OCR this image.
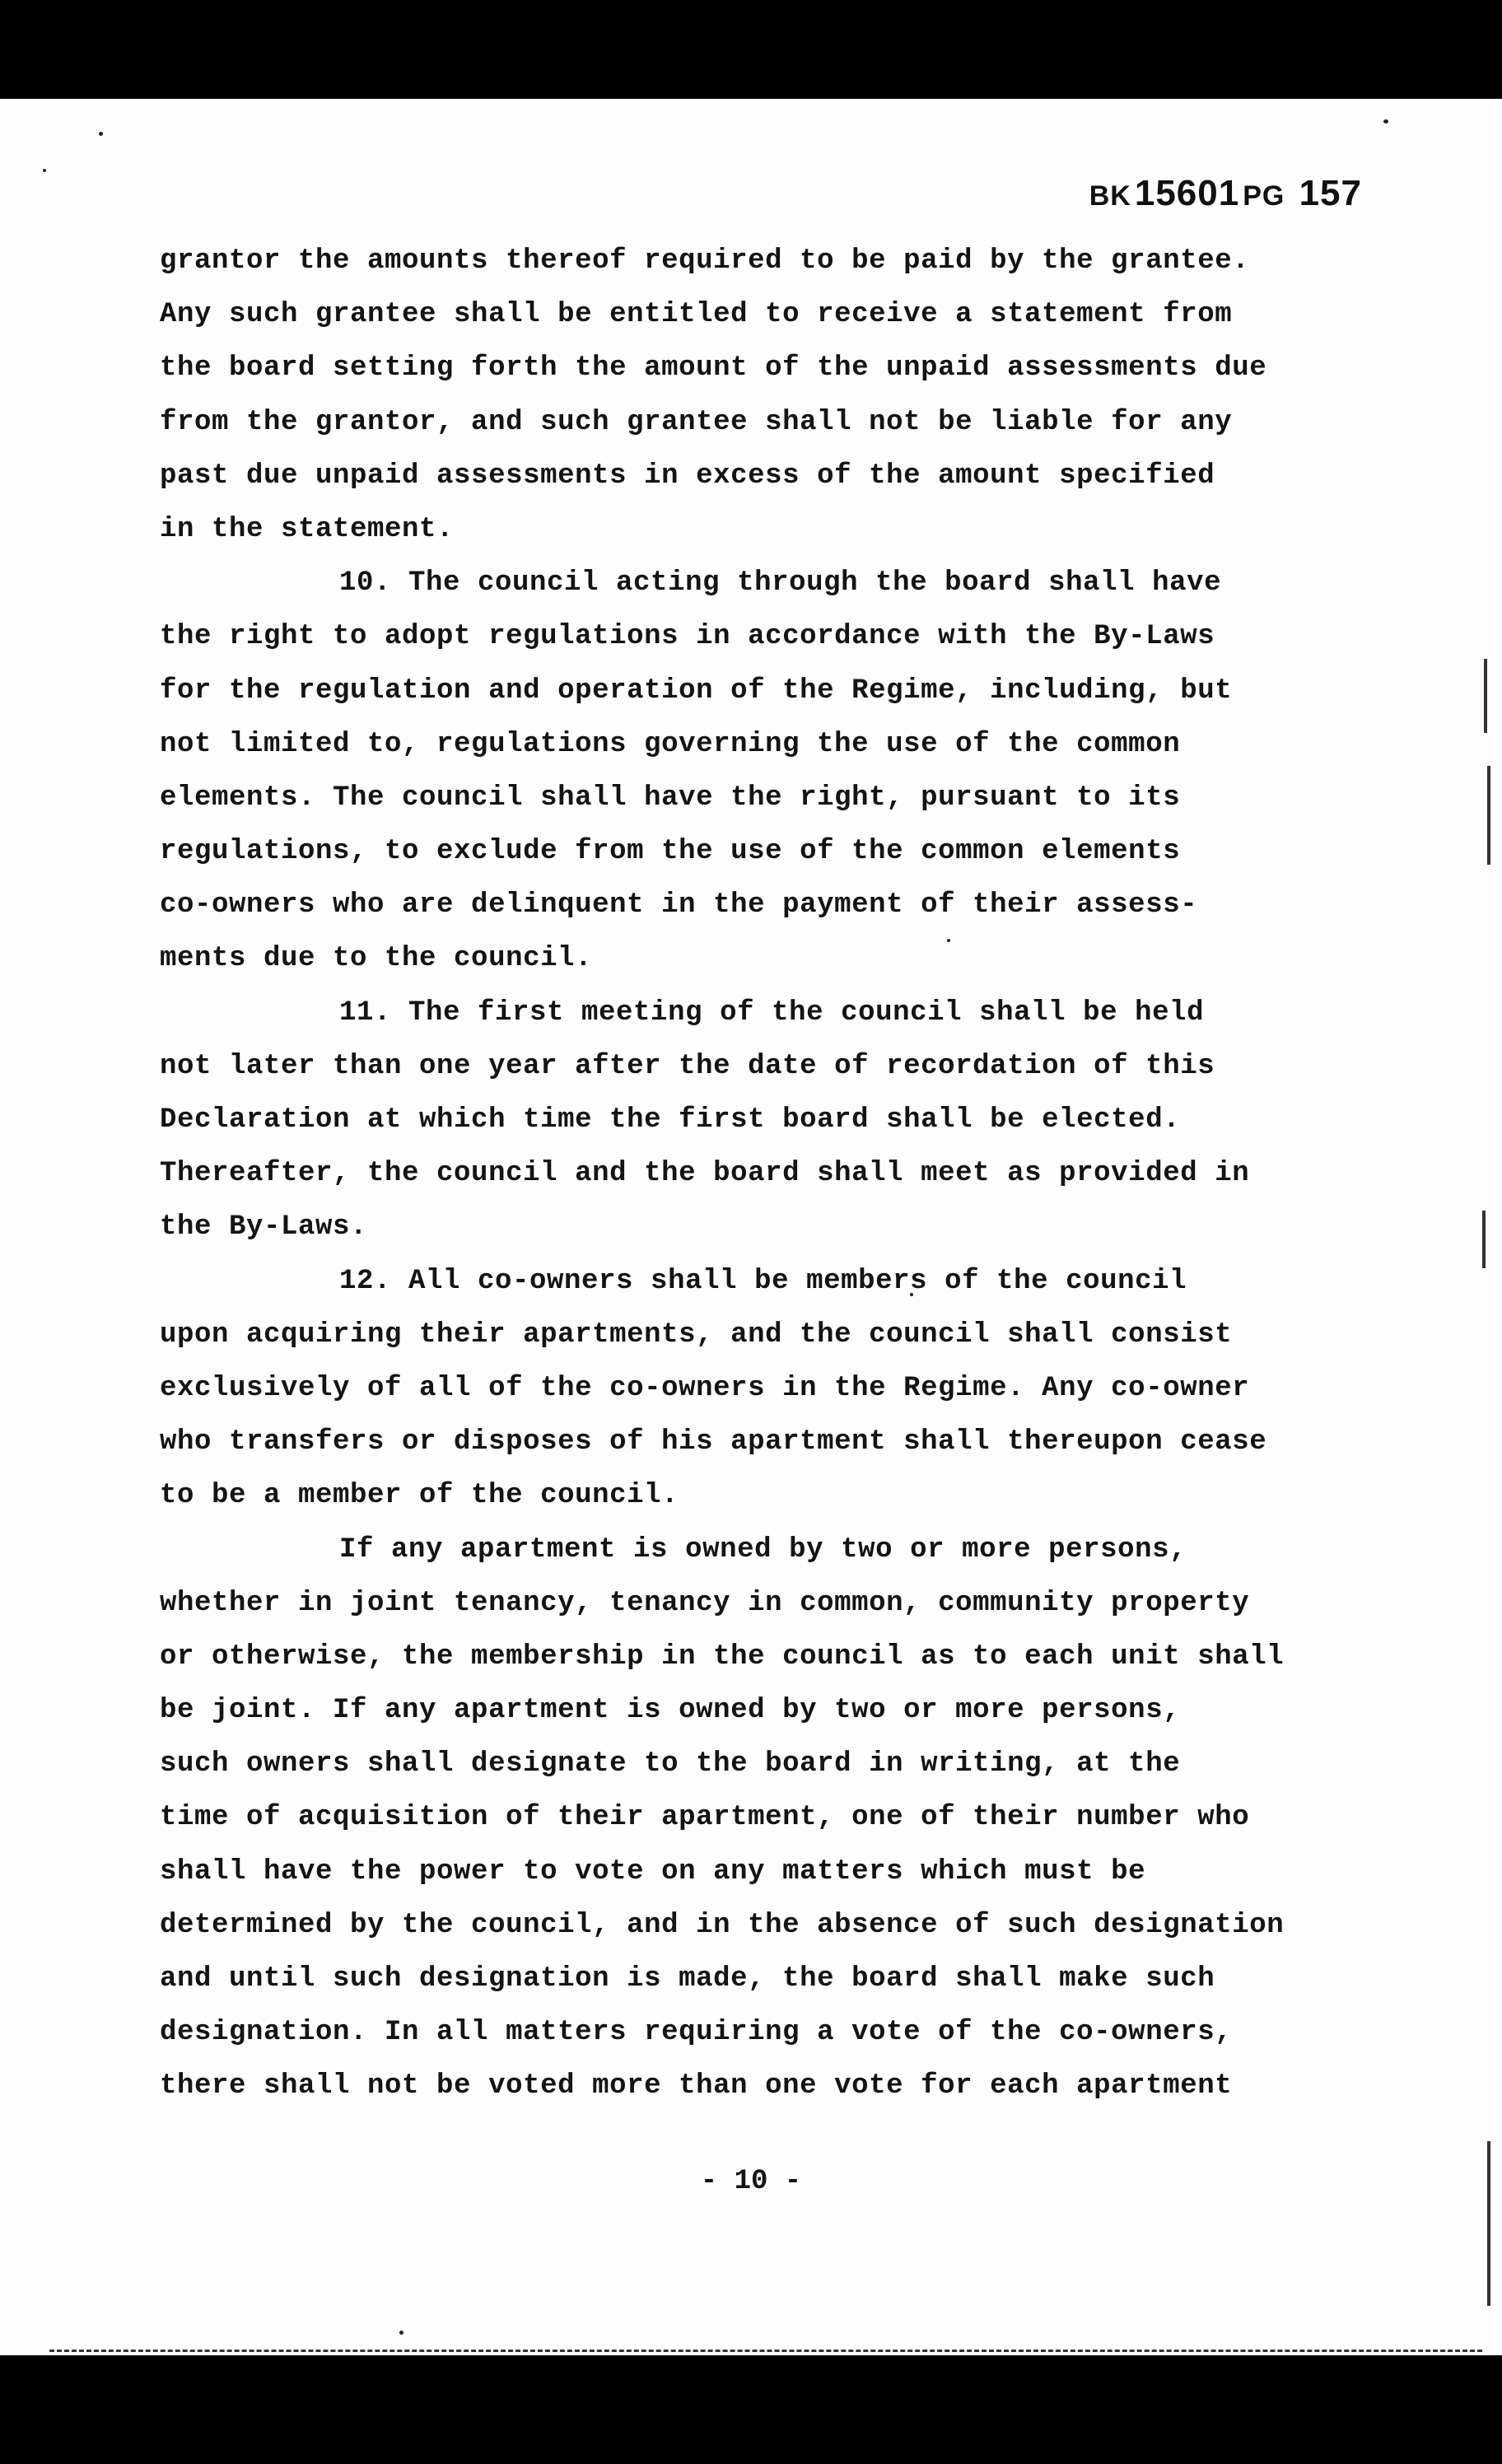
BK15601 PG 157
grantor the amounts thereof required to be paid by the grantee.
Any such grantee shall be entitled to receive a statement from
the board setting forth the amount of the unpaid assessments due
from the grantor, and such grantee shall not be liable for any
past due unpaid assessments in excess of the amount specified
in the statement.
10. The council acting through the board shall have
the right to adopt regulations in accordance with the By-Laws
for the regulation and operation of the Regime, including, but
not limited to, regulations governing the use of the common
elements. The council shall have the right, pursuant to its
regulations, to exclude from the use of the common elements
co-owners who are delinquent in the payment of their assess-
ments due to the council.
11. The first meeting of the council shall be held
not later than one year after the date of recordation of this
Declaration at which time the first board shall be elected.
Thereafter, the council and the board shall meet as provided in
the By-Laws.
12. All co-owners shall be members of the council
upon acquiring their apartments, and the council shall consist
exclusively of all of the co-owners in the Regime. Any co-owner
who transfers or disposes of his apartment shall thereupon cease
to be a member of the council.
If any apartment is owned by two or more persons,
whether in joint tenancy, tenancy in common, community property
or otherwise, the membership in the council as to each unit shall
be joint. If any apartment is owned by two or more persons,
such owners shall designate to the board in writing, at the
time of acquisition of their apartment, one of their number who
shall have the power to vote on any matters which must be
determined by the council, and in the absence of such designation
and until such designation is made, the board shall make such
designation. In all matters requiring a vote of the co-owners,
there shall not be voted more than one vote for each apartment
- 10 -
